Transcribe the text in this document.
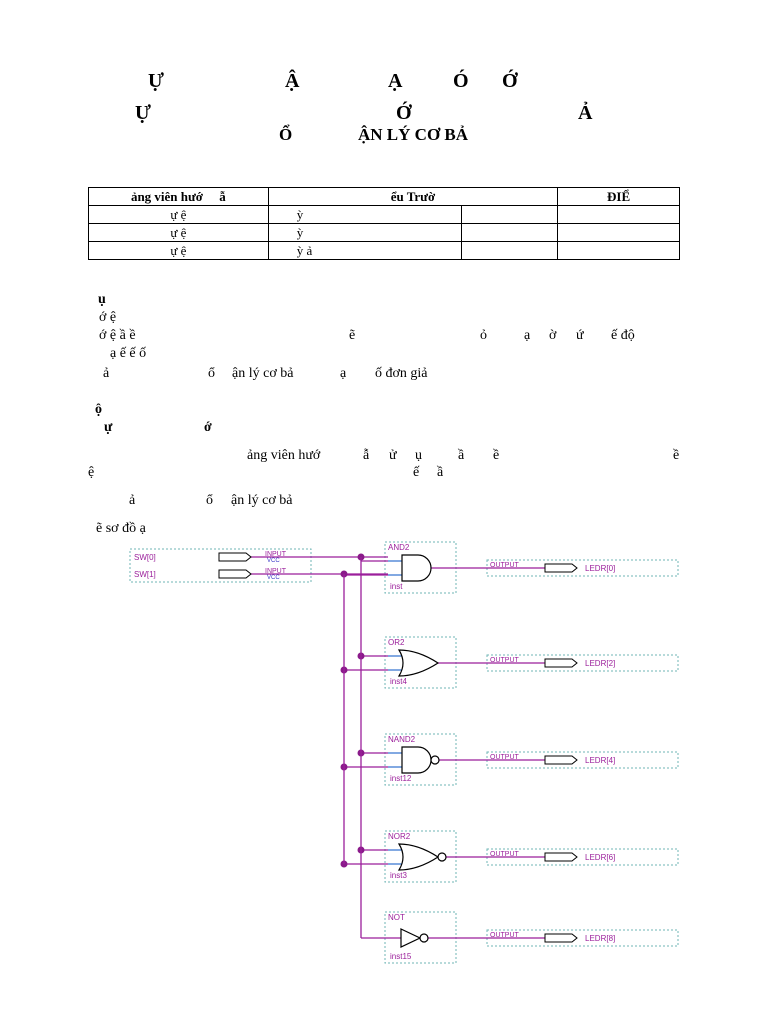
Ự	Ậ	Ạ	Ó Ớ
Ự	Ớ	Ả
Ổ	ẬN LÝ CƠ BẢ
ảng viên hướ ẫ	ểu Trườ		ĐIỂ
ự ệ	ỳ		
ự ệ	ỳ		
ự ệ	ỳ ả		
ụ
ớ ệ
ớ ệ ầ ề	ẽ	ỏ	ạ ờ ứ ế độ
ạ ế ế ố
ả	ổ ận lý cơ bả	ạ ố đơn giả
ộ
ự	ớ
ảng viên hướ	ẫ ử ụ	ầ ề	ề
ệ	ế ầ
ả	ổ ận lý cơ bả
ẽ sơ đồ ạ
SW[0]	INPUT
VCC
SW[1]	INPUT
VCC
AND2
inst
OUTPUT	LEDR[0]
OR2
inst4
OUTPUT	LEDR[2]
NAND2
inst12
OUTPUT	LEDR[4]
NOR2
inst3
OUTPUT	LEDR[6]
NOT
inst15
OUTPUT	LEDR[8]
